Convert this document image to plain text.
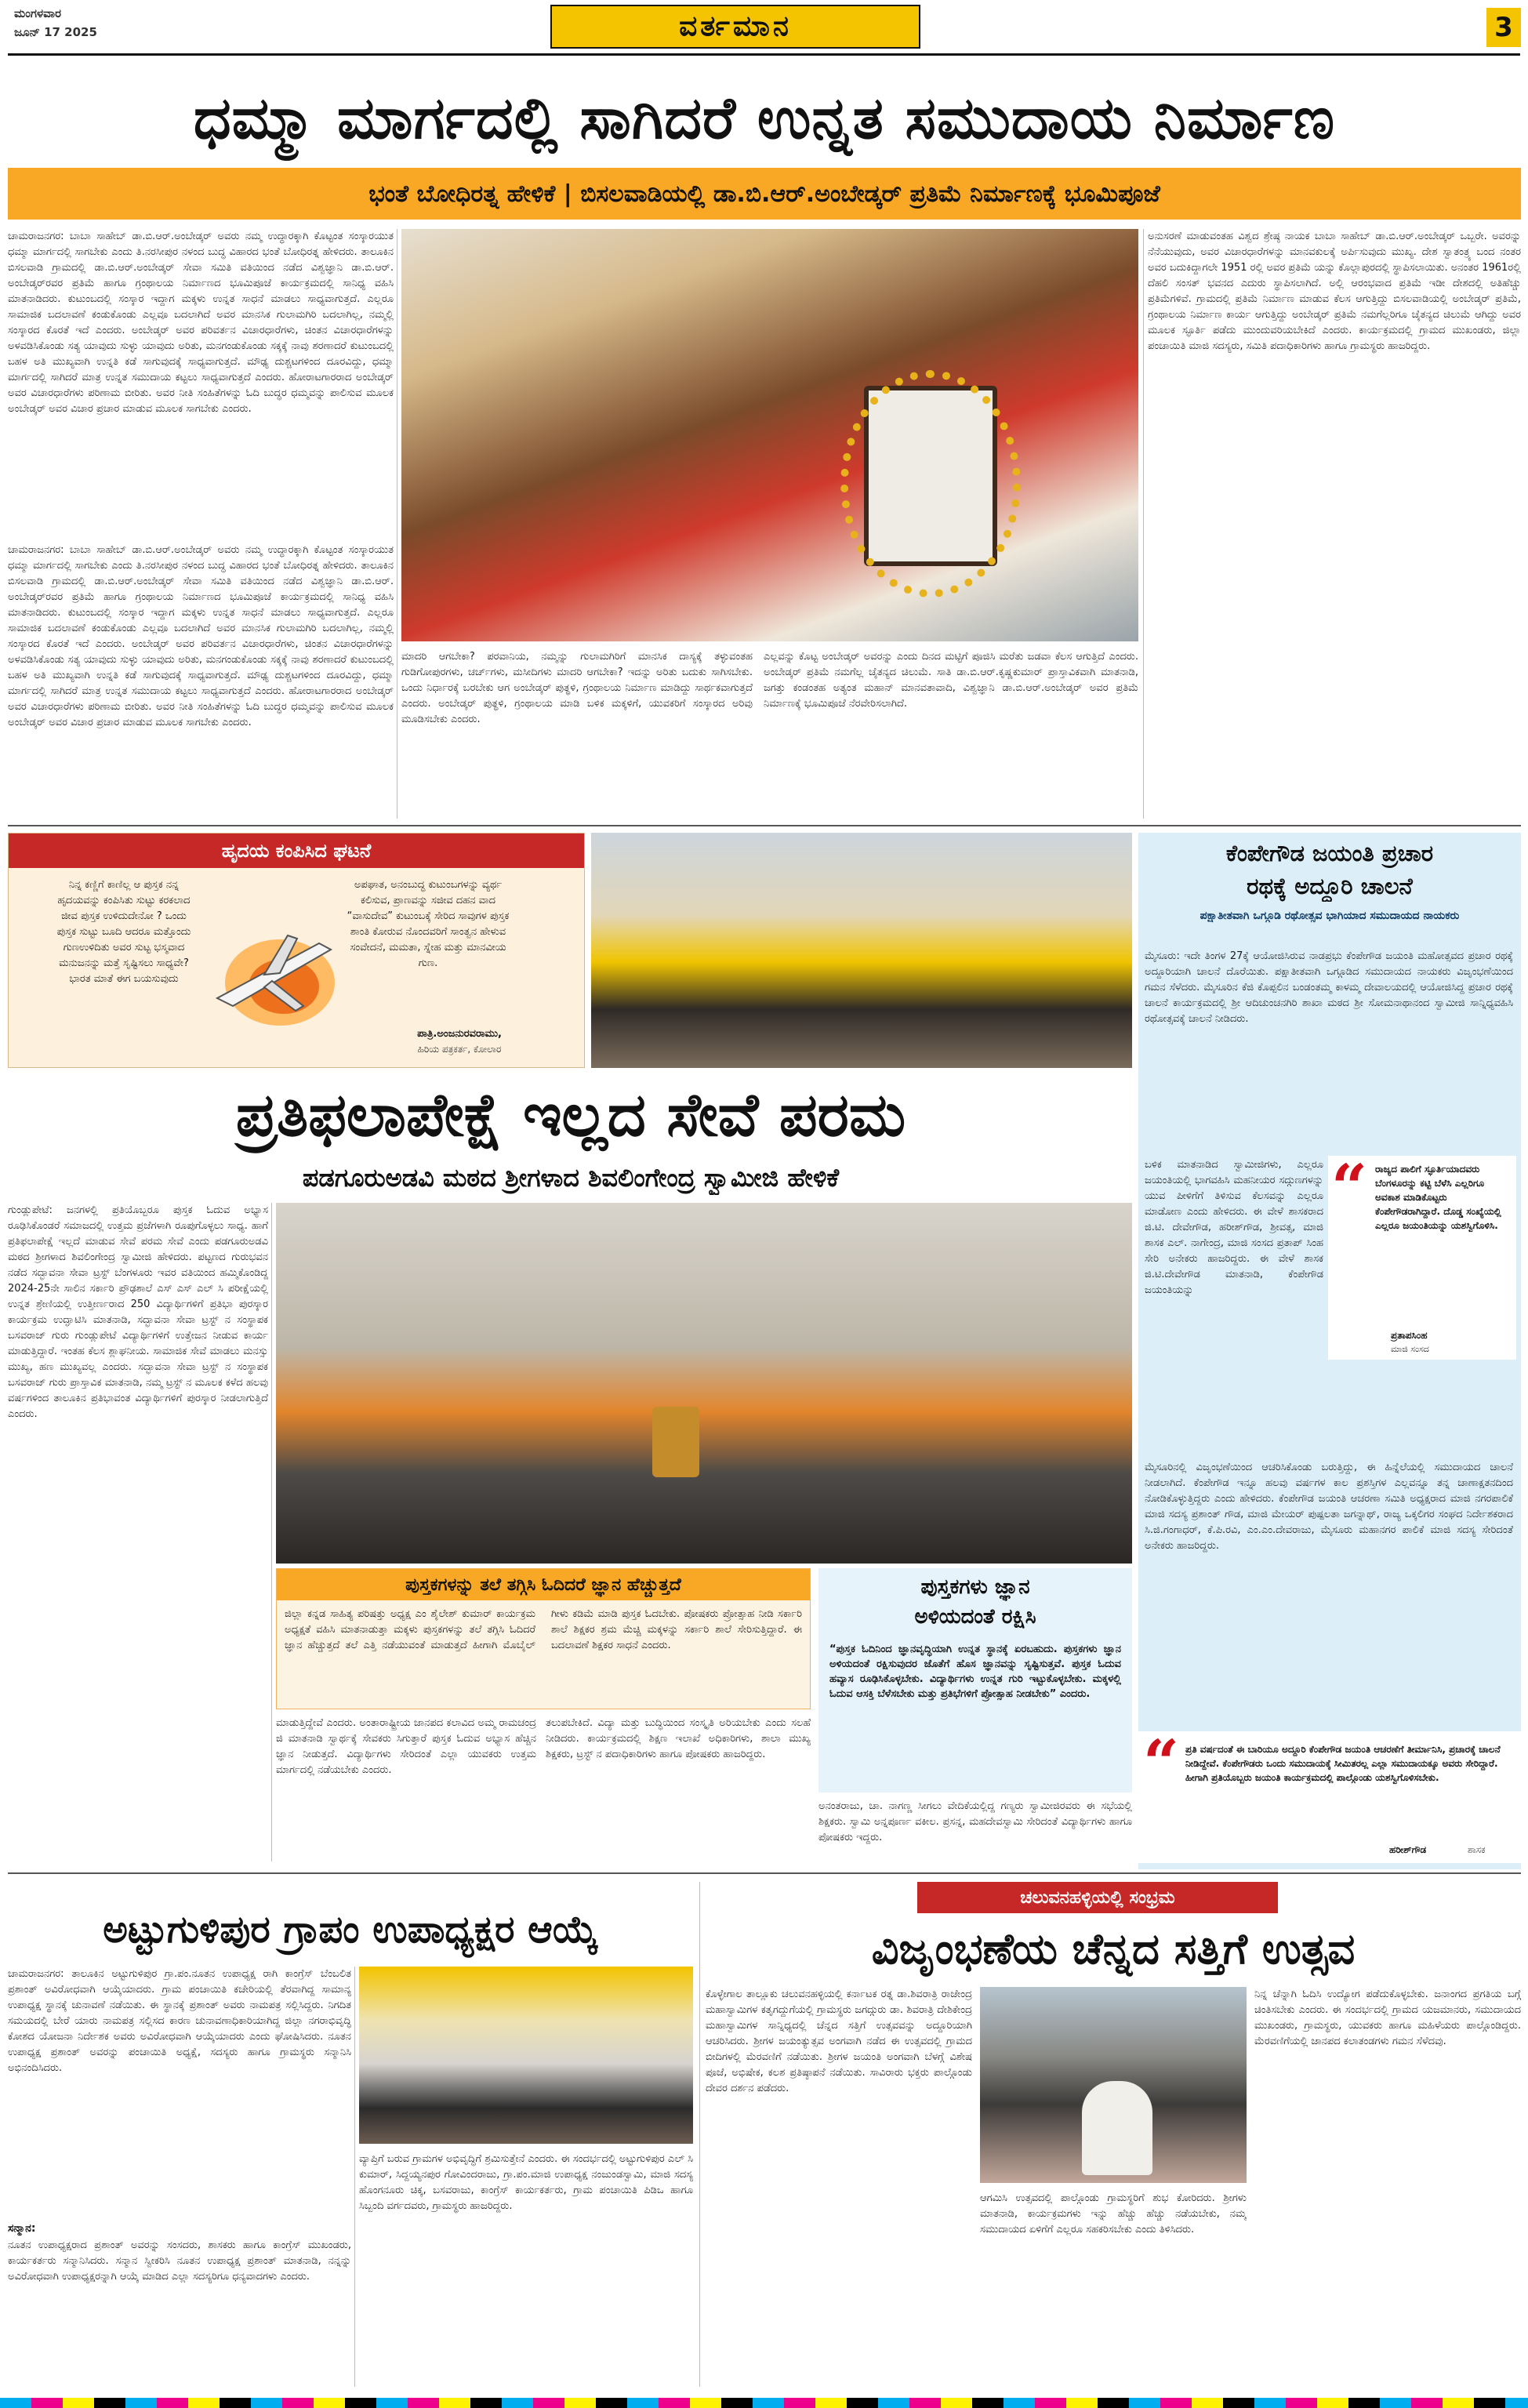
ಮಂಗಳವಾರ
ಜೂನ್ 17 2025	ವರ್ತಮಾನ	3
ಧಮ್ಮಾ ಮಾರ್ಗದಲ್ಲಿ ಸಾಗಿದರೆ ಉನ್ನತ ಸಮುದಾಯ ನಿರ್ಮಾಣ
ಭಂತೆ ಬೋಧಿರತ್ನ ಹೇಳಿಕೆ | ಬಿಸಲವಾಡಿಯಲ್ಲಿ ಡಾ.ಬಿ.ಆರ್.ಅಂಬೇಡ್ಕರ್ ಪ್ರತಿಮೆ ನಿರ್ಮಾಣಕ್ಕೆ ಭೂಮಿಪೂಜೆ
ಚಾಮರಾಜನಗರ: ಬಾಬಾ ಸಾಹೇಬ್ ಡಾ.ಬಿ.ಆರ್.ಅಂಬೇಡ್ಕರ್ ಅವರು ನಮ್ಮ ಉದ್ಧಾರಕ್ಕಾಗಿ ಕೊಟ್ಟಂತ ಸಂಸ್ಕಾರಯುತ ಧಮ್ಮಾ ಮಾರ್ಗದಲ್ಲಿ ಸಾಗಬೇಕು ಎಂದು ತಿ.ನರಸೀಪುರ ನಳಂದ ಬುದ್ಧ ವಿಹಾರದ ಭಂತೆ ಬೋಧಿರತ್ನ ಹೇಳಿದರು. ತಾಲೂಕಿನ ಬಿಸಲವಾಡಿ ಗ್ರಾಮದಲ್ಲಿ ಡಾ.ಬಿ.ಆರ್.ಅಂಬೇಡ್ಕರ್ ಸೇವಾ ಸಮಿತಿ ವತಿಯಿಂದ ನಡೆದ ವಿಶ್ವಜ್ಞಾನಿ ಡಾ.ಬಿ.ಆರ್. ಅಂಬೇಡ್ಕರ್‌ರವರ ಪ್ರತಿಮೆ ಹಾಗೂ ಗ್ರಂಥಾಲಯ ನಿರ್ಮಾಣದ ಭೂಮಿಪೂಜೆ ಕಾರ್ಯಕ್ರಮದಲ್ಲಿ ಸಾನಿಧ್ಯ ವಹಿಸಿ ಮಾತನಾಡಿದರು. ಕುಟುಂಬದಲ್ಲಿ ಸಂಸ್ಕಾರ ಇದ್ದಾಗ ಮಕ್ಕಳು ಉನ್ನತ ಸಾಧನೆ ಮಾಡಲು ಸಾಧ್ಯವಾಗುತ್ತದೆ. ಎಲ್ಲರೂ ಸಾಮಾಜಿಕ ಬದಲಾವಣೆ ಕಂಡುಕೊಂಡು ಎಲ್ಲವೂ ಬದಲಾಗಿದೆ ಅವರ ಮಾನಸಿಕ ಗುಲಾಮಗಿರಿ ಬದಲಾಗಿಲ್ಲ, ನಮ್ಮಲ್ಲಿ ಸಂಸ್ಕಾರದ ಕೊರತೆ ಇದೆ ಎಂದರು. ಅಂಬೇಡ್ಕರ್ ಅವರ ಪರಿವರ್ತನ ವಿಚಾರಧಾರೆಗಳು, ಚಿಂತನ ವಿಚಾರಧಾರೆಗಳನ್ನು ಅಳವಡಿಸಿಕೊಂಡು ಸತ್ಯ ಯಾವುದು ಸುಳ್ಳು ಯಾವುದು ಅರಿತು, ಮನಗಂಡುಕೊಂಡು ಸಕ್ಕಕ್ಕೆ ನಾವು ಶರಣಾದರೆ ಕುಟುಂಬದಲ್ಲಿ ಬಹಳ ಅತಿ ಮುಖ್ಯವಾಗಿ ಉನ್ನತಿ ಕಡೆ ಸಾಗುವುದಕ್ಕೆ ಸಾಧ್ಯವಾಗುತ್ತದೆ. ಮೌಢ್ಯ ದುಶ್ಚಟಗಳಿಂದ ದೂರವಿದ್ದು, ಧಮ್ಮಾ ಮಾರ್ಗದಲ್ಲಿ ಸಾಗಿದರೆ ಮಾತ್ರ ಉನ್ನತ ಸಮುದಾಯ ಕಟ್ಟಲು ಸಾಧ್ಯವಾಗುತ್ತದೆ ಎಂದರು. ಹೋರಾಟಗಾರರಾದ ಅಂಬೇಡ್ಕರ್ ಅವರ ವಿಚಾರಧಾರೆಗಳು ಪರಿಣಾಮ ಬೀರಿತು. ಅವರ ನೀತಿ ಸಂಹಿತೆಗಳನ್ನು ಓದಿ ಬುದ್ಧರ ಧಮ್ಮವನ್ನು ಪಾಲಿಸುವ ಮೂಲಕ ಅಂಬೇಡ್ಕರ್ ಅವರ ವಿಚಾರ ಪ್ರಚಾರ ಮಾಡುವ ಮೂಲಕ ಸಾಗಬೇಕು ಎಂದರು.
ಮಾದರಿ ಆಗಬೇಕಾ? ಪರವಾನಿಯ, ನಮ್ಮನ್ನು ಗುಲಾಮಗಿರಿಗೆ ಮಾನಸಿಕ ದಾಸ್ಯಕ್ಕೆ ತಳ್ಳುವಂತಹ ಗುಡಿಗೋಪುರಗಳು, ಚರ್ಚ್‌ಗಳು, ಮಸೀದಿಗಳು ಮಾದರಿ ಆಗಬೇಕಾ? ಇದನ್ನು ಅರಿತು ಬದುಕು ಸಾಗಿಸಬೇಕು. ಒಂದು ನಿರ್ಧಾರಕ್ಕೆ ಬರಬೇಕು ಆಗ ಅಂಬೇಡ್ಕರ್ ಪುತ್ಥಳಿ, ಗ್ರಂಥಾಲಯ ನಿರ್ಮಾಣ ಮಾಡಿದ್ದು ಸಾರ್ಥಕವಾಗುತ್ತದೆ ಎಂದರು. ಅಂಬೇಡ್ಕರ್ ಪುತ್ಥಳಿ, ಗ್ರಂಥಾಲಯ ಮಾಡಿ ಬಳಿಕ ಮಕ್ಕಳಿಗೆ, ಯುವಕರಿಗೆ ಸಂಸ್ಕಾರದ ಅರಿವು ಮೂಡಿಸಬೇಕು ಎಂದರು.
ಎಲ್ಲವನ್ನು ಕೊಟ್ಟ ಅಂಬೇಡ್ಕರ್ ಅವರನ್ನು ಎಂದು ದಿನದ ಮಟ್ಟಿಗೆ ಪೂಜಿಸಿ ಮರೆತು ಜಡವಾ ಕೆಲಸ ಆಗುತ್ತಿದೆ ಎಂದರು. ಅಂಬೇಡ್ಕರ್ ಪ್ರತಿಮೆ ನಮಗೆಲ್ಲ ಚೈತನ್ಯದ ಚಿಲುಮೆ. ಸಾತಿ ಡಾ.ಬಿ.ಆರ್.ಕೃಷ್ಣಕುಮಾರ್ ಪ್ರಾಸ್ತಾವಿಕವಾಗಿ ಮಾತನಾಡಿ, ಜಗತ್ತು ಕಂಡಂತಹ ಅತ್ಯಂತ ಮಹಾನ್ ಮಾನವತಾವಾದಿ, ವಿಶ್ವಜ್ಞಾನಿ ಡಾ.ಬಿ.ಆರ್.ಅಂಬೇಡ್ಕರ್ ಅವರ ಪ್ರತಿಮೆ ನಿರ್ಮಾಣಕ್ಕೆ ಭೂಮಿಪೂಜೆ ನೆರವೇರಿಸಲಾಗಿದೆ.
ಅನುಸರಣೆ ಮಾಡುವಂತಹ ವಿಶ್ವದ ಶ್ರೇಷ್ಠ ನಾಯಕ ಬಾಬಾ ಸಾಹೇಬ್ ಡಾ.ಬಿ.ಆರ್.ಅಂಬೇಡ್ಕರ್ ಒಬ್ಬರೇ. ಅವರನ್ನು ನೆನೆಯುವುದು, ಅವರ ವಿಚಾರಧಾರೆಗಳನ್ನು ಮಾನವಕುಲಕ್ಕೆ ಅರ್ಪಿಸುವುದು ಮುಖ್ಯ. ದೇಶ ಸ್ವಾತಂತ್ರ್ಯ ಬಂದ ನಂತರ ಅವರ ಬದುಕಿದ್ದಾಗಲೇ 1951 ರಲ್ಲಿ ಅವರ ಪ್ರತಿಮೆ ಯನ್ನು ಕೊಲ್ಲಾಪುರದಲ್ಲಿ ಸ್ಥಾಪಿಸಲಾಯಿತು. ಅನಂತರ 1961ರಲ್ಲಿ ದೆಹಲಿ ಸಂಸತ್ ಭವನದ ಎದುರು ಸ್ಥಾಪಿಸಲಾಗಿದೆ. ಅಲ್ಲಿ ಆರಂಭವಾದ ಪ್ರತಿಮೆ ಇಡೀ ದೇಶದಲ್ಲಿ ಅತಿಹೆಚ್ಚು ಪ್ರತಿಮೆಗಳಿವೆ. ಗ್ರಾಮದಲ್ಲಿ ಪ್ರತಿಮೆ ನಿರ್ಮಾಣ ಮಾಡುವ ಕೆಲಸ ಆಗುತ್ತಿದ್ದು ಬಿಸಲವಾಡಿಯಲ್ಲಿ ಅಂಬೇಡ್ಕರ್ ಪ್ರತಿಮೆ, ಗ್ರಂಥಾಲಯ ನಿರ್ಮಾಣ ಕಾರ್ಯ ಆಗುತ್ತಿದ್ದು ಅಂಬೇಡ್ಕರ್ ಪ್ರತಿಮೆ ನಮಗೆಲ್ಲರಿಗೂ ಚೈತನ್ಯದ ಚಿಲುಮೆ ಆಗಿದ್ದು ಅವರ ಮೂಲಕ ಸ್ಫೂರ್ತಿ ಪಡೆದು ಮುಂದುವರಿಯಬೇಕಿದೆ ಎಂದರು. ಕಾರ್ಯಕ್ರಮದಲ್ಲಿ ಗ್ರಾಮದ ಮುಖಂಡರು, ಜಿಲ್ಲಾ ಪಂಚಾಯಿತಿ ಮಾಜಿ ಸದಸ್ಯರು, ಸಮಿತಿ ಪದಾಧಿಕಾರಿಗಳು ಹಾಗೂ ಗ್ರಾಮಸ್ಥರು ಹಾಜರಿದ್ದರು.
ಚಾಮರಾಜನಗರ: ಬಾಬಾ ಸಾಹೇಬ್ ಡಾ.ಬಿ.ಆರ್.ಅಂಬೇಡ್ಕರ್ ಅವರು ನಮ್ಮ ಉದ್ಧಾರಕ್ಕಾಗಿ ಕೊಟ್ಟಂತ ಸಂಸ್ಕಾರಯುತ ಧಮ್ಮಾ ಮಾರ್ಗದಲ್ಲಿ ಸಾಗಬೇಕು ಎಂದು ತಿ.ನರಸೀಪುರ ನಳಂದ ಬುದ್ಧ ವಿಹಾರದ ಭಂತೆ ಬೋಧಿರತ್ನ ಹೇಳಿದರು. ತಾಲೂಕಿನ ಬಿಸಲವಾಡಿ ಗ್ರಾಮದಲ್ಲಿ ಡಾ.ಬಿ.ಆರ್.ಅಂಬೇಡ್ಕರ್ ಸೇವಾ ಸಮಿತಿ ವತಿಯಿಂದ ನಡೆದ ವಿಶ್ವಜ್ಞಾನಿ ಡಾ.ಬಿ.ಆರ್. ಅಂಬೇಡ್ಕರ್‌ರವರ ಪ್ರತಿಮೆ ಹಾಗೂ ಗ್ರಂಥಾಲಯ ನಿರ್ಮಾಣದ ಭೂಮಿಪೂಜೆ ಕಾರ್ಯಕ್ರಮದಲ್ಲಿ ಸಾನಿಧ್ಯ ವಹಿಸಿ ಮಾತನಾಡಿದರು. ಕುಟುಂಬದಲ್ಲಿ ಸಂಸ್ಕಾರ ಇದ್ದಾಗ ಮಕ್ಕಳು ಉನ್ನತ ಸಾಧನೆ ಮಾಡಲು ಸಾಧ್ಯವಾಗುತ್ತದೆ. ಎಲ್ಲರೂ ಸಾಮಾಜಿಕ ಬದಲಾವಣೆ ಕಂಡುಕೊಂಡು ಎಲ್ಲವೂ ಬದಲಾಗಿದೆ ಅವರ ಮಾನಸಿಕ ಗುಲಾಮಗಿರಿ ಬದಲಾಗಿಲ್ಲ, ನಮ್ಮಲ್ಲಿ ಸಂಸ್ಕಾರದ ಕೊರತೆ ಇದೆ ಎಂದರು. ಅಂಬೇಡ್ಕರ್ ಅವರ ಪರಿವರ್ತನ ವಿಚಾರಧಾರೆಗಳು, ಚಿಂತನ ವಿಚಾರಧಾರೆಗಳನ್ನು ಅಳವಡಿಸಿಕೊಂಡು ಸತ್ಯ ಯಾವುದು ಸುಳ್ಳು ಯಾವುದು ಅರಿತು, ಮನಗಂಡುಕೊಂಡು ಸಕ್ಕಕ್ಕೆ ನಾವು ಶರಣಾದರೆ ಕುಟುಂಬದಲ್ಲಿ ಬಹಳ ಅತಿ ಮುಖ್ಯವಾಗಿ ಉನ್ನತಿ ಕಡೆ ಸಾಗುವುದಕ್ಕೆ ಸಾಧ್ಯವಾಗುತ್ತದೆ. ಮೌಢ್ಯ ದುಶ್ಚಟಗಳಿಂದ ದೂರವಿದ್ದು, ಧಮ್ಮಾ ಮಾರ್ಗದಲ್ಲಿ ಸಾಗಿದರೆ ಮಾತ್ರ ಉನ್ನತ ಸಮುದಾಯ ಕಟ್ಟಲು ಸಾಧ್ಯವಾಗುತ್ತದೆ ಎಂದರು. ಹೋರಾಟಗಾರರಾದ ಅಂಬೇಡ್ಕರ್ ಅವರ ವಿಚಾರಧಾರೆಗಳು ಪರಿಣಾಮ ಬೀರಿತು. ಅವರ ನೀತಿ ಸಂಹಿತೆಗಳನ್ನು ಓದಿ ಬುದ್ಧರ ಧಮ್ಮವನ್ನು ಪಾಲಿಸುವ ಮೂಲಕ ಅಂಬೇಡ್ಕರ್ ಅವರ ವಿಚಾರ ಪ್ರಚಾರ ಮಾಡುವ ಮೂಲಕ ಸಾಗಬೇಕು ಎಂದರು.
ಹೃದಯ ಕಂಪಿಸಿದ ಘಟನೆ
ನಿನ್ನ ಕಣ್ಣಿಗೆ ಕಾಣಿಲ್ಲ ಆ ಪುಸ್ತಕ ನನ್ನ ಹೃದಯವನ್ನು ಕಂಪಿಸಿತು ಸುಟ್ಟು ಕರಕಲಾದ ಜೀವ ಪುಸ್ತಕ ಉಳಿದುದೇನೋ ? ಒಂದು ಪುಸ್ತಕ ಸುಟ್ಟು ಬೂದಿ ಆದರೂ ಮತ್ತೊಂದು ಗುಣಉಳಿದಿತು ಅವರ ಸುಟ್ಟ ಭಸ್ಮವಾದ ಮನುಜನನ್ನು ಮತ್ತೆ ಸೃಷ್ಟಿಸಲು ಸಾಧ್ಯವೇ? ಭಾರತ ಮಾತೆ ಈಗ ಬಯಸುವುದು
ಅಪಘಾತ, ಅನಂಬುದ್ಧ ಕುಟುಂಬಗಳನ್ನು ವ್ಯರ್ಥ ಕಲಿಸುವ, ಪ್ರಾಣವನ್ನು ಸಜೀವ ದಹನ ವಾದ “ವಾಸುದೇವ” ಕುಟುಂಬಕ್ಕೆ ಸೇರಿದ ಸಾವುಗಳ ಪುಸ್ತಕ ಶಾಂತಿ ಕೋರುವ ನೊಂದವರಿಗೆ ಸಾಂತ್ವನ ಹೇಳುವ ಸಂವೇದನೆ, ಮಮತಾ, ಸ್ನೇಹ ಮತ್ತು ಮಾನವೀಯ ಗುಣ.
ಪಾತ್ರಿ.ಅಂಜನುರವರಾಮು,
ಹಿರಿಯ ಪತ್ರಕರ್ತ, ಕೋಲಾರ
ಕೆಂಪೇಗೌಡ ಜಯಂತಿ ಪ್ರಚಾರ
ರಥಕ್ಕೆ ಅದ್ದೂರಿ ಚಾಲನೆ
ಪಕ್ಷಾತೀತವಾಗಿ ಒಗ್ಗೂಡಿ ರಥೋತ್ಸವ ಭಾಗಿಯಾದ ಸಮುದಾಯದ ನಾಯಕರು
ಮೈಸೂರು: ಇದೇ ತಿಂಗಳ 27ಕ್ಕೆ ಆಯೋಜಿಸಿರುವ ನಾಡಪ್ರಭು ಕೆಂಪೇಗೌಡ ಜಯಂತಿ ಮಹೋತ್ಸವದ ಪ್ರಚಾರ ರಥಕ್ಕೆ ಅದ್ದೂರಿಯಾಗಿ ಚಾಲನೆ ದೊರೆಯಿತು. ಪಕ್ಷಾತೀತವಾಗಿ ಒಗ್ಗೂಡಿದ ಸಮುದಾಯದ ನಾಯಕರು ವಿಜೃಂಭಣೆಯಿಂದ ಗಮನ ಸೆಳೆದರು. ಮೈಸೂರಿನ ಕೆಜಿ ಕೊಪ್ಪಲಿನ ಬಂಡಂತಮ್ಮ ಕಾಳಮ್ಮ ದೇವಾಲಯದಲ್ಲಿ ಆಯೋಜಿಸಿದ್ದ ಪ್ರಚಾರ ರಥಕ್ಕೆ ಚಾಲನೆ ಕಾರ್ಯಕ್ರಮದಲ್ಲಿ ಶ್ರೀ ಆದಿಚುಂಚನಗಿರಿ ಶಾಖಾ ಮಠದ ಶ್ರೀ ಸೋಮನಾಥಾನಂದ ಸ್ವಾಮೀಜಿ ಸಾನ್ನಿಧ್ಯವಹಿಸಿ ರಥೋತ್ಸವಕ್ಕೆ ಚಾಲನೆ ನೀಡಿದರು.
ಬಳಿಕ ಮಾತನಾಡಿದ ಸ್ವಾಮೀಜಿಗಳು, ಎಲ್ಲರೂ ಜಯಂತಿಯಲ್ಲಿ ಭಾಗವಹಿಸಿ ಮಹನೀಯರ ಸದ್ಗುಣಗಳನ್ನು ಯುವ ಪೀಳಿಗೆಗೆ ತಿಳಿಸುವ ಕೆಲಸವನ್ನು ಎಲ್ಲರೂ ಮಾಡೋಣ ಎಂದು ಹೇಳಿದರು. ಈ ವೇಳೆ ಶಾಸಕರಾದ ಜಿ.ಟಿ. ದೇವೇಗೌಡ, ಹರೀಶ್‌ಗೌಡ, ಶ್ರೀವತ್ಸ, ಮಾಜಿ ಶಾಸಕ ಎಲ್. ನಾಗೇಂದ್ರ, ಮಾಜಿ ಸಂಸದ ಪ್ರತಾಪ್ ಸಿಂಹ ಸೇರಿ ಅನೇಕರು ಹಾಜರಿದ್ದರು. ಈ ವೇಳೆ ಶಾಸಕ ಜಿ.ಟಿ.ದೇವೇಗೌಡ ಮಾತನಾಡಿ, ಕೆಂಪೇಗೌಡ ಜಯಂತಿಯನ್ನು
“ ರಾಜ್ಯದ ಪಾಲಿಗೆ ಸ್ಫೂರ್ತಿಯಾದವರು ಬೆಂಗಳೂರನ್ನು ಕಟ್ಟಿ ಬೆಳೆಸಿ ಎಲ್ಲರಿಗೂ ಅವಕಾಶ ಮಾಡಿಕೊಟ್ಟರು ಕೆಂಪೇಗೌಡರಾಗಿದ್ದಾರೆ. ದೊಡ್ಡ ಸಂಖ್ಯೆಯಲ್ಲಿ ಎಲ್ಲರೂ ಜಯಂತಿಯನ್ನು ಯಶಸ್ವಿಗೊಳಿಸಿ.
ಪ್ರತಾಪಸಿಂಹ
ಮಾಜಿ ಸಂಸದ
ಮೈಸೂರಿನಲ್ಲಿ ವಿಜೃಂಭಣೆಯಿಂದ ಆಚರಿಸಿಕೊಂಡು ಬರುತ್ತಿದ್ದು, ಈ ಹಿನ್ನೆಲೆಯಲ್ಲಿ ಸಮುದಾಯದ ಚಾಲನೆ ನೀಡಲಾಗಿದೆ. ಕೆಂಪೇಗೌಡ ಇನ್ನೂ ಹಲವು ವರ್ಷಗಳ ಕಾಲ ಪ್ರಶಸ್ತಿಗಳ ಎಲ್ಲವನ್ನೂ ತನ್ನ ಚಾಣಾಕ್ಷತನದಿಂದ ನೋಡಿಕೊಳ್ಳುತ್ತಿದ್ದರು ಎಂದು ಹೇಳಿದರು. ಕೆಂಪೇಗೌಡ ಜಯಂತಿ ಆಚರಣಾ ಸಮಿತಿ ಅಧ್ಯಕ್ಷರಾದ ಮಾಜಿ ನಗರಪಾಲಿಕೆ ಮಾಜಿ ಸದಸ್ಯ ಪ್ರಶಾಂತ್ ಗೌಡ, ಮಾಜಿ ಮೇಯರ್ ಪುಷ್ಪಲತಾ ಜಗನ್ನಾಥ್, ರಾಜ್ಯ ಒಕ್ಕಲಿಗರ ಸಂಘದ ನಿರ್ದೇಶಕರಾದ ಸಿ.ಜಿ.ಗಂಗಾಧರ್, ಕೆ.ಪಿ.ರವಿ, ಎಂ.ಎಂ.ದೇವರಾಜು, ಮೈಸೂರು ಮಹಾನಗರ ಪಾಲಿಕೆ ಮಾಜಿ ಸದಸ್ಯ ಸೇರಿದಂತೆ ಅನೇಕರು ಹಾಜರಿದ್ದರು.
“ ಪ್ರತಿ ವರ್ಷದಂತೆ ಈ ಬಾರಿಯೂ ಅದ್ದೂರಿ ಕೆಂಪೇಗೌಡ ಜಯಂತಿ ಆಚರಣೆಗೆ ತೀರ್ಮಾನಿಸಿ, ಪ್ರಚಾರಕ್ಕೆ ಚಾಲನೆ ನೀಡಿದ್ದೇವೆ. ಕೆಂಪೇಗೌಡರು ಒಂದು ಸಮುದಾಯಕ್ಕೆ ಸೀಮಿತರಲ್ಲ ಎಲ್ಲಾ ಸಮುದಾಯಕ್ಕೂ ಅವರು ಸೇರಿದ್ದಾರೆ. ಹೀಗಾಗಿ ಪ್ರತಿಯೊಬ್ಬರು ಜಯಂತಿ ಕಾರ್ಯಕ್ರಮದಲ್ಲಿ ಪಾಲ್ಗೊಂಡು ಯಶಸ್ವಿಗೊಳಿಸಬೇಕು.
ಹರೀಶ್‌ಗೌಡ	ಶಾಸಕ
ಪ್ರತಿಫಲಾಪೇಕ್ಷೆ ಇಲ್ಲದ ಸೇವೆ ಪರಮ
ಪಡಗೂರುಅಡವಿ ಮಠದ ಶ್ರೀಗಳಾದ ಶಿವಲಿಂಗೇಂದ್ರ ಸ್ವಾಮೀಜಿ ಹೇಳಿಕೆ
ಗುಂಡ್ಲುಪೇಟೆ: ಜನಗಳಲ್ಲಿ ಪ್ರತಿಯೊಬ್ಬರೂ ಪುಸ್ತಕ ಓದುವ ಅಭ್ಯಾಸ ರೂಢಿಸಿಕೊಂಡರೆ ಸಮಾಜದಲ್ಲಿ ಉತ್ತಮ ಪ್ರಜೆಗಳಾಗಿ ರೂಪುಗೊಳ್ಳಲು ಸಾಧ್ಯ. ಹಾಗೆ ಪ್ರತಿಫಲಾಪೇಕ್ಷೆ ಇಲ್ಲದೆ ಮಾಡುವ ಸೇವೆ ಪರಮ ಸೇವೆ ಎಂದು ಪಡಗೂರುಅಡವಿ ಮಠದ ಶ್ರೀಗಳಾದ ಶಿವಲಿಂಗೇಂದ್ರ ಸ್ವಾಮೀಜಿ ಹೇಳಿದರು. ಪಟ್ಟಣದ ಗುರುಭವನ ನಡೆದ ಸದ್ಭಾವನಾ ಸೇವಾ ಟ್ರಸ್ಟ್ ಬೆಂಗಳೂರು ಇವರ ವತಿಯಿಂದ ಹಮ್ಮಿಕೊಂಡಿದ್ದ 2024-25ನೇ ಸಾಲಿನ ಸರ್ಕಾರಿ ಪ್ರೌಢಶಾಲೆ ಎಸ್ ಎಸ್ ಎಲ್ ಸಿ ಪರೀಕ್ಷೆಯಲ್ಲಿ ಉನ್ನತ ಶ್ರೇಣಿಯಲ್ಲಿ ಉತ್ತೀರ್ಣರಾದ 250 ವಿದ್ಯಾರ್ಥಿಗಳಿಗೆ ಪ್ರತಿಭಾ ಪುರಸ್ಕಾರ ಕಾರ್ಯಕ್ರಮ ಉದ್ಘಾಟಿಸಿ ಮಾತನಾಡಿ, ಸದ್ಭಾವನಾ ಸೇವಾ ಟ್ರಸ್ಟ್ ನ ಸಂಸ್ಥಾಪಕ ಬಸವರಾಜ್ ಗುರು ಗುಂಡ್ಲುಪೇಟೆ ವಿದ್ಯಾರ್ಥಿಗಳಿಗೆ ಉತ್ತೇಜನ ನೀಡುವ ಕಾರ್ಯ ಮಾಡುತ್ತಿದ್ದಾರೆ. ಇಂತಹ ಕೆಲಸ ಶ್ಲಾಘನೀಯ. ಸಾಮಾಜಿಕ ಸೇವೆ ಮಾಡಲು ಮನಸ್ಸು ಮುಖ್ಯ, ಹಣ ಮುಖ್ಯವಲ್ಲ ಎಂದರು. ಸದ್ಭಾವನಾ ಸೇವಾ ಟ್ರಸ್ಟ್ ನ ಸಂಸ್ಥಾಪಕ ಬಸವರಾಜ್ ಗುರು ಪ್ರಾಸ್ತಾವಿಕ ಮಾತನಾಡಿ, ನಮ್ಮ ಟ್ರಸ್ಟ್ ನ ಮೂಲಕ ಕಳೆದ ಹಲವು ವರ್ಷಗಳಿಂದ ತಾಲೂಕಿನ ಪ್ರತಿಭಾವಂತ ವಿದ್ಯಾರ್ಥಿಗಳಿಗೆ ಪುರಸ್ಕಾರ ನೀಡಲಾಗುತ್ತಿದೆ ಎಂದರು.
ಪುಸ್ತಕಗಳನ್ನು ತಲೆ ತಗ್ಗಿಸಿ ಓದಿದರೆ ಜ್ಞಾನ ಹೆಚ್ಚುತ್ತದೆ
ಜಿಲ್ಲಾ ಕನ್ನಡ ಸಾಹಿತ್ಯ ಪರಿಷತ್ತು ಅಧ್ಯಕ್ಷ ಎಂ ಶೈಲೇಶ್ ಕುಮಾರ್ ಕಾರ್ಯಕ್ರಮ ಅಧ್ಯಕ್ಷತೆ ವಹಿಸಿ ಮಾತನಾಡುತ್ತಾ ಮಕ್ಕಳು ಪುಸ್ತಕಗಳನ್ನು ತಲೆ ತಗ್ಗಿಸಿ ಓದಿದರೆ ಜ್ಞಾನ ಹೆಚ್ಚುತ್ತದೆ ತಲೆ ಎತ್ತಿ ನಡೆಯುವಂತೆ ಮಾಡುತ್ತದೆ ಹೀಗಾಗಿ ಮೊಬೈಲ್ ಗೀಳು ಕಡಿಮೆ ಮಾಡಿ ಪುಸ್ತಕ ಓದಬೇಕು. ಪೋಷಕರು ಪ್ರೋತ್ಸಾಹ ನೀಡಿ ಸರ್ಕಾರಿ ಶಾಲೆ ಶಿಕ್ಷಕರ ಶ್ರಮ ಮೆಚ್ಚಿ ಮಕ್ಕಳನ್ನು ಸರ್ಕಾರಿ ಶಾಲೆ ಸೇರಿಸುತ್ತಿದ್ದಾರೆ. ಈ ಬದಲಾವಣೆ ಶಿಕ್ಷಕರ ಸಾಧನೆ ಎಂದರು.
ಪುಸ್ತಕಗಳು ಜ್ಞಾನ
ಅಳಿಯದಂತೆ ರಕ್ಷಿಸಿ
“ಪುಸ್ತಕ ಓದಿನಿಂದ ಜ್ಞಾನವೃದ್ಧಿಯಾಗಿ ಉನ್ನತ ಸ್ಥಾನಕ್ಕೆ ಏರಬಹುದು. ಪುಸ್ತಕಗಳು ಜ್ಞಾನ ಅಳಿಯದಂತೆ ರಕ್ಷಿಸುವುದರ ಜೊತೆಗೆ ಹೊಸ ಜ್ಞಾನವನ್ನು ಸೃಷ್ಟಿಸುತ್ತವೆ. ಪುಸ್ತಕ ಓದುವ ಹವ್ಯಾಸ ರೂಢಿಸಿಕೊಳ್ಳಬೇಕು. ವಿದ್ಯಾರ್ಥಿಗಳು ಉನ್ನತ ಗುರಿ ಇಟ್ಟುಕೊಳ್ಳಬೇಕು. ಮಕ್ಕಳಲ್ಲಿ ಓದುವ ಆಸಕ್ತಿ ಬೆಳೆಸಬೇಕು ಮತ್ತು ಪ್ರತಿಭೆಗಳಿಗೆ ಪ್ರೋತ್ಸಾಹ ನೀಡಬೇಕು” ಎಂದರು.
ಮಾಡುತ್ತಿದ್ದೇವೆ ಎಂದರು. ಅಂತಾರಾಷ್ಟ್ರೀಯ ಜಾನಪದ ಕಲಾವಿದ ಅಮ್ಮ ರಾಮಚಂದ್ರ ಜಿ ಮಾತನಾಡಿ ಸ್ವಾರ್ಥಕ್ಕೆ ಸೇವಕರು ಸಿಗುತ್ತಾರೆ ಪುಸ್ತಕ ಓದುವ ಅಭ್ಯಾಸ ಹೆಚ್ಚಿನ ಜ್ಞಾನ ನೀಡುತ್ತದೆ. ವಿದ್ಯಾರ್ಥಿಗಳು ಸೇರಿದಂತೆ ಎಲ್ಲಾ ಯುವಕರು ಉತ್ತಮ ಮಾರ್ಗದಲ್ಲಿ ನಡೆಯಬೇಕು ಎಂದರು.
ತಲುಪಬೇಕಿದೆ. ವಿದ್ಯಾ ಮತ್ತು ಬುದ್ಧಿಯಿಂದ ಸಂಸ್ಕೃತಿ ಅರಿಯಬೇಕು ಎಂದು ಸಲಹೆ ನೀಡಿದರು. ಕಾರ್ಯಕ್ರಮದಲ್ಲಿ ಶಿಕ್ಷಣ ಇಲಾಖೆ ಅಧಿಕಾರಿಗಳು, ಶಾಲಾ ಮುಖ್ಯ ಶಿಕ್ಷಕರು, ಟ್ರಸ್ಟ್ ನ ಪದಾಧಿಕಾರಿಗಳು ಹಾಗೂ ಪೋಷಕರು ಹಾಜರಿದ್ದರು.
ಅನಂತರಾಜು, ಚಾ. ನಾಗಣ್ಣ ಸೀಗಲು ವೇದಿಕೆಯಲ್ಲಿದ್ದ ಗಣ್ಯರು ಸ್ವಾಮೀಜಿರವರು ಈ ಸಭೆಯಲ್ಲಿ ಶಿಕ್ಷಕರು. ಸ್ವಾಮಿ ಅನ್ನಪೂರ್ಣ ವಕೀಲ. ಪ್ರಸನ್ನ, ಮಹದೇವಸ್ವಾಮಿ ಸೇರಿದಂತೆ ವಿದ್ಯಾರ್ಥಿಗಳು ಹಾಗೂ ಪೋಷಕರು ಇದ್ದರು.
ಅಟ್ಟುಗುಳಿಪುರ ಗ್ರಾಪಂ ಉಪಾಧ್ಯಕ್ಷರ ಆಯ್ಕೆ
ಚಾಮರಾಜನಗರ: ತಾಲೂಕಿನ ಅಟ್ಟುಗುಳಿಪುರ ಗ್ರಾ.ಪಂ.ನೂತನ ಉಪಾಧ್ಯಕ್ಷ ರಾಗಿ ಕಾಂಗ್ರೆಸ್ ಬೆಂಬಲಿತ ಪ್ರಶಾಂತ್ ಅವಿರೋಧವಾಗಿ ಆಯ್ಕೆಯಾದರು. ಗ್ರಾಮ ಪಂಚಾಯಿತಿ ಕಚೇರಿಯಲ್ಲಿ ತೆರವಾಗಿದ್ದ ಸಾಮಾನ್ಯ ಉಪಾಧ್ಯಕ್ಷ ಸ್ಥಾನಕ್ಕೆ ಚುನಾವಣೆ ನಡೆಯಿತು. ಈ ಸ್ಥಾನಕ್ಕೆ ಪ್ರಶಾಂತ್ ಅವರು ನಾಮಪತ್ರ ಸಲ್ಲಿಸಿದ್ದರು. ನಿಗದಿತ ಸಮಯದಲ್ಲಿ ಬೇರೆ ಯಾರು ನಾಮಪತ್ರ ಸಲ್ಲಿಸದ ಕಾರಣ ಚುನಾವಣಾಧಿಕಾರಿಯಾಗಿದ್ದ ಜಿಲ್ಲಾ ನಗರಾಭಿವೃದ್ಧಿ ಕೋಶದ ಯೋಜನಾ ನಿರ್ದೇಶಕ ಅವರು ಅವಿರೋಧವಾಗಿ ಆಯ್ಕೆಯಾದರು ಎಂದು ಘೋಷಿಸಿದರು. ನೂತನ ಉಪಾಧ್ಯಕ್ಷ ಪ್ರಶಾಂತ್ ಅವರನ್ನು ಪಂಚಾಯಿತಿ ಅಧ್ಯಕ್ಷೆ, ಸದಸ್ಯರು ಹಾಗೂ ಗ್ರಾಮಸ್ಥರು ಸನ್ಮಾನಿಸಿ ಅಭಿನಂದಿಸಿದರು.
ಸನ್ಮಾನ:
ನೂತನ ಉಪಾಧ್ಯಕ್ಷರಾದ ಪ್ರಶಾಂತ್ ಅವರನ್ನು ಸಂಸದರು, ಶಾಸಕರು ಹಾಗೂ ಕಾಂಗ್ರೆಸ್ ಮುಖಂಡರು, ಕಾರ್ಯಕರ್ತರು ಸನ್ಮಾನಿಸಿದರು. ಸನ್ಮಾನ ಸ್ವೀಕರಿಸಿ ನೂತನ ಉಪಾಧ್ಯಕ್ಷ ಪ್ರಶಾಂತ್ ಮಾತನಾಡಿ, ನನ್ನನ್ನು ಅವಿರೋಧವಾಗಿ ಉಪಾಧ್ಯಕ್ಷರನ್ನಾಗಿ ಆಯ್ಕೆ ಮಾಡಿದ ಎಲ್ಲಾ ಸದಸ್ಯರಿಗೂ ಧನ್ಯವಾದಗಳು ಎಂದರು.
ವ್ಯಾಪ್ತಿಗೆ ಬರುವ ಗ್ರಾಮಗಳ ಅಭಿವೃದ್ಧಿಗೆ ಶ್ರಮಿಸುತ್ತೇನೆ ಎಂದರು. ಈ ಸಂದರ್ಭದಲ್ಲಿ ಅಟ್ಟುಗುಳಿಪುರ ಎಲ್ ಸಿ ಕುಮಾರ್, ಸಿದ್ದಯ್ಯನಪುರ ಗೋವಿಂದರಾಜು, ಗ್ರಾ.ಪಂ.ಮಾಜಿ ಉಪಾಧ್ಯಕ್ಷ ನಂಜುಂಡಸ್ವಾಮಿ, ಮಾಜಿ ಸದಸ್ಯ ಹೊಂಗನೂರು ಚಿಕ್ಕ, ಬಸವರಾಜು, ಕಾಂಗ್ರೆಸ್ ಕಾರ್ಯಕರ್ತರು, ಗ್ರಾಮ ಪಂಚಾಯಿತಿ ಪಿಡಿಒ ಹಾಗೂ ಸಿಬ್ಬಂದಿ ವರ್ಗದವರು, ಗ್ರಾಮಸ್ಥರು ಹಾಜರಿದ್ದರು.
ಚಲುವನಹಳ್ಳಿಯಲ್ಲಿ ಸಂಭ್ರಮ
ವಿಜೃಂಭಣೆಯ ಚೆನ್ನದ ಸತ್ತಿಗೆ ಉತ್ಸವ
ಕೊಳ್ಳೇಗಾಲ ತಾಲ್ಲೂಕು ಚಲುವನಹಳ್ಳಿಯಲ್ಲಿ ಕರ್ನಾಟಕ ರತ್ನ ಡಾ.ಶಿವರಾತ್ರಿ ರಾಜೇಂದ್ರ ಮಹಾಸ್ವಾಮಿಗಳ ಕತೃಗದ್ದುಗೆಯಲ್ಲಿ ಗ್ರಾಮಸ್ಥರು ಜಗದ್ಗುರು ಡಾ. ಶಿವರಾತ್ರಿ ದೇಶಿಕೇಂದ್ರ ಮಹಾಸ್ವಾಮಿಗಳ ಸಾನ್ನಿಧ್ಯದಲ್ಲಿ ಚೆನ್ನದ ಸತ್ತಿಗೆ ಉತ್ಸವವನ್ನು ಅದ್ದೂರಿಯಾಗಿ ಆಚರಿಸಿದರು. ಶ್ರೀಗಳ ಜಯಂತ್ಯುತ್ಸವ ಅಂಗವಾಗಿ ನಡೆದ ಈ ಉತ್ಸವದಲ್ಲಿ ಗ್ರಾಮದ ಬೀದಿಗಳಲ್ಲಿ ಮೆರವಣಿಗೆ ನಡೆಯಿತು. ಶ್ರೀಗಳ ಜಯಂತಿ ಅಂಗವಾಗಿ ಬೆಳಗ್ಗೆ ವಿಶೇಷ ಪೂಜೆ, ಅಭಿಷೇಕ, ಕಲಶ ಪ್ರತಿಷ್ಠಾಪನೆ ನಡೆಯಿತು. ಸಾವಿರಾರು ಭಕ್ತರು ಪಾಲ್ಗೊಂಡು ದೇವರ ದರ್ಶನ ಪಡೆದರು.
ಆಗಮಿಸಿ ಉತ್ಸವದಲ್ಲಿ ಪಾಲ್ಗೊಂಡು ಗ್ರಾಮಸ್ಥರಿಗೆ ಶುಭ ಕೋರಿದರು. ಶ್ರೀಗಳು ಮಾತನಾಡಿ, ಕಾರ್ಯಕ್ರಮಗಳು ಇನ್ನು ಹೆಚ್ಚು ಹೆಚ್ಚು ನಡೆಯಬೇಕು, ನಮ್ಮ ಸಮುದಾಯದ ಏಳಿಗೆಗೆ ಎಲ್ಲರೂ ಸಹಕರಿಸಬೇಕು ಎಂದು ತಿಳಿಸಿದರು.
ನಿನ್ನ ಚೆನ್ನಾಗಿ ಓದಿಸಿ ಉದ್ಯೋಗ ಪಡೆದುಕೊಳ್ಳಬೇಕು. ಜನಾಂಗದ ಪ್ರಗತಿಯ ಬಗ್ಗೆ ಚಿಂತಿಸಬೇಕು ಎಂದರು. ಈ ಸಂದರ್ಭದಲ್ಲಿ ಗ್ರಾಮದ ಯಜಮಾನರು, ಸಮುದಾಯದ ಮುಖಂಡರು, ಗ್ರಾಮಸ್ಥರು, ಯುವಕರು ಹಾಗೂ ಮಹಿಳೆಯರು ಪಾಲ್ಗೊಂಡಿದ್ದರು. ಮೆರವಣಿಗೆಯಲ್ಲಿ ಜಾನಪದ ಕಲಾತಂಡಗಳು ಗಮನ ಸೆಳೆದವು.
